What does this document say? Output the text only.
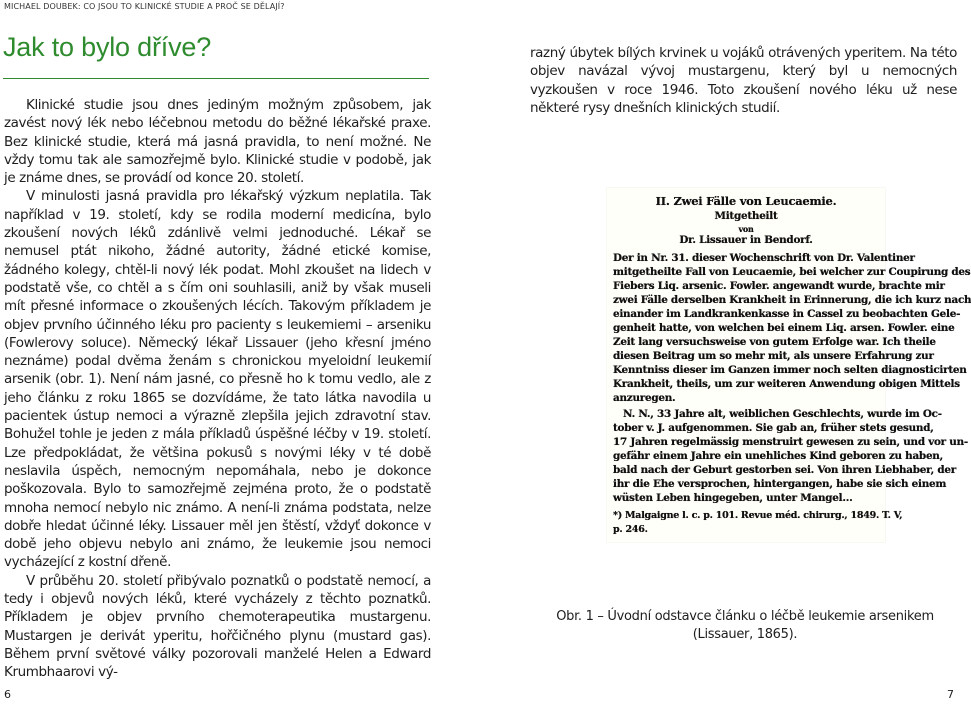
MICHAEL DOUBEK: CO JSOU TO KLINICKÉ STUDIE A PROČ SE DĚLAJÍ?
Jak to bylo dříve?

Klinické studie jsou dnes jediným možným způsobem, jak zavést nový lék nebo léčebnou metodu do běžné lékařské praxe. Bez klinické studie, která má jasná pravidla, to není možné. Ne vždy tomu tak ale samozřejmě bylo. Klinické studie v podobě, jak je známe dnes, se provádí od konce 20. století.

V minulosti jasná pravidla pro lékařský výzkum neplatila. Tak například v 19. století, kdy se rodila moderní medicína, bylo zkoušení nových léků zdánlivě velmi jednoduché. Lékař se nemusel ptát nikoho, žádné autority, žádné etické komise, žádného kolegy, chtěl-li nový lék podat. Mohl zkoušet na lidech v podstatě vše, co chtěl a s čím oni souhlasili, aniž by však museli mít přesné informace o zkoušených lécích. Takovým příkladem je objev prvního účinného léku pro pacienty s leukemiemi – arseniku (Fowlerovy soluce). Německý lékař Lissauer (jeho křesní jméno neznáme) podal dvěma ženám s chronickou myeloidní leukemií arsenik (obr. 1). Není nám jasné, co přesně ho k tomu vedlo, ale z jeho článku z roku 1865 se dozvídáme, že tato látka navodila u pacientek ústup nemoci a výrazně zlepšila jejich zdravotní stav. Bohužel tohle je jeden z mála příkladů úspěšné léčby v 19. století. Lze předpokládat, že většina pokusů s novými léky v té době neslavila úspěch, nemocným nepomáhala, nebo je dokonce poškozovala. Bylo to samozřejmě zejména proto, že o podstatě mnoha nemocí nebylo nic známo. A není-li známa podstata, nelze dobře hledat účinné léky. Lissauer měl jen štěstí, vždyť dokonce v době jeho objevu nebylo ani známo, že leukemie jsou nemoci vycházející z kostní dřeně.

V průběhu 20. století přibývalo poznatků o podstatě nemocí, a tedy i objevů nových léků, které vycházely z těchto poznatků. Příkladem je objev prvního chemoterapeutika mustargenu. Mustargen je derivát yperitu, hořčičného plynu (mustard gas). Během první světové války pozorovali manželé Helen a Edward Krumbhaarovi vý-

razný úbytek bílých krvinek u vojáků otrávených yperitem. Na této objev navázal vývoj mustargenu, který byl u nemocných vyzkoušen v roce 1946. Toto zkoušení nového léku už nese některé rysy dnešních klinických studií.

II. Zwei Fälle von Leucaemie.
Mitgetheilt
von
Dr. Lissauer in Bendorf.
Der in Nr. 31. dieser Wochenschrift von Dr. Valentiner
mitgetheilte Fall von Leucaemie, bei welcher zur Coupirung des
Fiebers Liq. arsenic. Fowler. angewandt wurde, brachte mir
zwei Fälle derselben Krankheit in Erinnerung, die ich kurz nach
einander im Landkrankenkasse in Cassel zu beobachten Gele-
genheit hatte, von welchen bei einem Liq. arsen. Fowler. eine
Zeit lang versuchsweise von gutem Erfolge war. Ich theile
diesen Beitrag um so mehr mit, als unsere Erfahrung zur
Kenntniss dieser im Ganzen immer noch selten diagnosticirten
Krankheit, theils, um zur weiteren Anwendung obigen Mittels
anzuregen.
N. N., 33 Jahre alt, weiblichen Geschlechts, wurde im Oc-
tober v. J. aufgenommen. Sie gab an, früher stets gesund,
17 Jahren regelmässig menstruirt gewesen zu sein, und vor un-
gefähr einem Jahre ein unehliches Kind geboren zu haben,
bald nach der Geburt gestorben sei. Von ihren Liebhaber, der
ihr die Ehe versprochen, hintergangen, habe sie sich einem
wüsten Leben hingegeben, unter Mangel...
*) Malgaigne l. c. p. 101. Revue méd. chirurg., 1849. T. V,
p. 246.
Obr. 1 – Úvodní odstavce článku o léčbě leukemie arsenikem (Lissauer, 1865).
6	7
